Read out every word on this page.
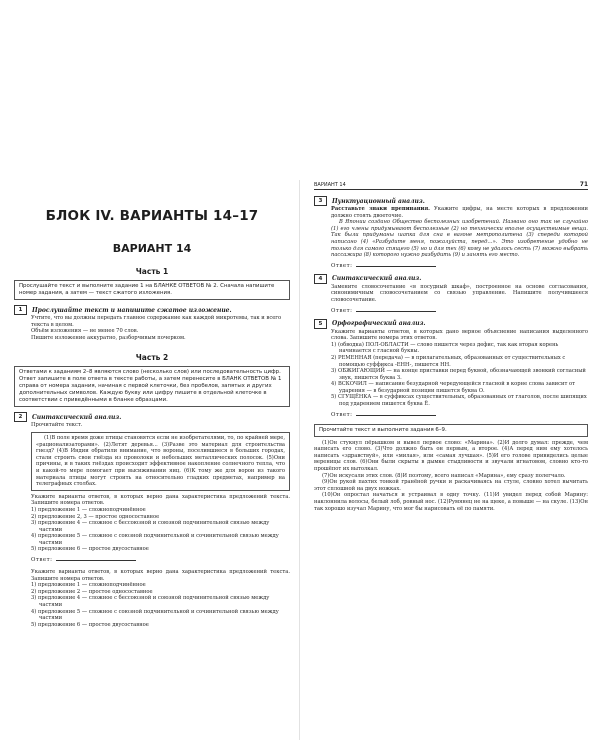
БЛОК IV. ВАРИАНТЫ 14–17
ВАРИАНТ 14
Часть 1
Прослушайте текст и выполните задание 1 на БЛАНКЕ ОТВЕТОВ № 2. Сначала напишите номер задания, а затем — текст сжатого изложения.
1	Прослушайте текст и напишите сжатое изложение.

Учтите, что вы должны передать главное содержание как каждой микротемы, так и всего текста в целом.

Объём изложения — не менее 70 слов.

Пишите изложение аккуратно, разборчивым почерком.

Часть 2
Ответами к заданиям 2–8 являются слово (несколько слов) или последовательность цифр. Ответ запишите в поле ответа в тексте работы, а затем перенесите в БЛАНК ОТВЕТОВ № 1 справа от номера задания, начиная с первой клеточки, без пробелов, запятых и других дополнительных символов. Каждую букву или цифру пишите в отдельной клеточке в соответствии с приведёнными в бланке образцами.
2	Синтаксический анализ.

Прочитайте текст.

(1)В поле время доже птицы становятся если не изобретателями, то, по крайней мере, «рационализаторами». (2)Летят деревья... (3)Разве это материал для строительства гнезд? (4)В Индии обратили внимание, что вороны, поселившиеся в больших городах, стали строить свои гнёзда из проволоки и небольших металлических полосок. (5)Они причины, и в таких гнёздах происходит эффективное накопление солнечного тепла, что и какой-то мере помогает при высиживании яиц. (6)К тому же для ворон из такого материала птицы могут строить на относительно гладких предметах, например на телеграфных столбах.

Укажите варианты ответов, в которых верно дана характеристика предложений текста. Запишите номера ответов.

1) предложение 1 — сложноподчинённое

2) предложение 2, 3 — простое односоставное

3) предложение 4 — сложное с бессоюзной и союзной подчинительной связью между частями

4) предложение 5 — сложное с союзной подчинительной и сочинительной связью между частями

5) предложение 6 — простое двусоставное

Ответ:

Укажите варианты ответов, в которых верно дана характеристика предложений текста. Запишите номера ответов.

1) предложение 1 — сложноподчинённое

2) предложение 2 — простое односоставное

3) предложение 4 — сложное с бессоюзной и союзной подчинительной связью между частями

4) предложение 5 — сложное с союзной подчинительной и сочинительной связью между частями

5) предложение 6 — простое двусоставное

ВАРИАНТ 14	71
3	Пунктуационный анализ.

Расставьте знаки препинания. Укажите цифры, на месте которых в предложении должно стоять двоеточие.

В Японии создано Общество бесполезных изобретений. Названо оно так не случайно (1) его члены придумывают бесполезные (2) но технически вполне осуществимые вещи. Так были придуманы шапка для сна в вагоне метрополитена (3) спереди которой написано (4) «Разбудите меня, пожалуйста, перед…». Это изобретение удобно не только для самого спящего (5) но и для тех (6) кому не удалось сесть (7) можно выбрать пассажира (8) которого нужно разбудить (9) и занять его место.

Ответ:
4	Синтаксический анализ.

Замените словосочетание «в посудный шкаф», построенное на основе согласования, синонимичным словосочетанием со связью управление. Напишите получившееся словосочетание.

Ответ:
5	Орфографический анализ.

Укажите варианты ответов, в которых дано верное объяснение написания выделенного слова. Запишите номера этих ответов.

1) (обводка) ПОЛ-ОБЛАСТИ — слово пишется через дефис, так как вторая корень начинается с гласной буквы.

2) РЕМЕННАЯ (передача) — в прилагательных, образованных от существительных с помощью суффикса -ЕНН-, пишется НН.

3) ОБЖИГАЮЩИЙ — на конце приставки перед буквой, обозначающей звонкий согласный звук, пишется буква З.

4) ВСКОЧИЛ — написание безударной чередующейся гласной в корне слова зависит от ударения — в безударной позиции пишется буква О.

5) СГУЩЁНКА — в суффиксах существительных, образованных от глаголов, после шипящих под ударением пишется буква Ё.

Ответ:
Прочитайте текст и выполните задания 6–9.

(1)Он стукнул пёрышком и вывел первое слово: «Марина». (2)И долго думал: прежде, чем написать его слово. (3)Что должно быть он первым, а второе. (4)А перед ним ему хотелось написать «здравствуй», или «милая», или «самая лучшая». (5)И его голове привиделись целые вереницы слов. (6)Они были скрыты в дымке стыдливости и звучали игнатовом, словно кто-то прошёпот их вытолкал.

(7)Он искусали этих слов. (8)И поэтому, всего написал «Марина», ему сразу полегчало.

(9)Он рукой пахтих тонкой гранёной ручки и раскачиваясь на стуле, словно хотел вычитать этот сплошной на двух ножках.

(10)Он опростал начаться и устраивал в одну точку. (11)И увидел перед собой Марину: наклоннила волосы, белый лоб, ровный нос. (12)Румянец не на щеке, а повыше — на скуле. (13)Он так хорошо изучал Марину, что мог бы нарисовать её по памяти.
